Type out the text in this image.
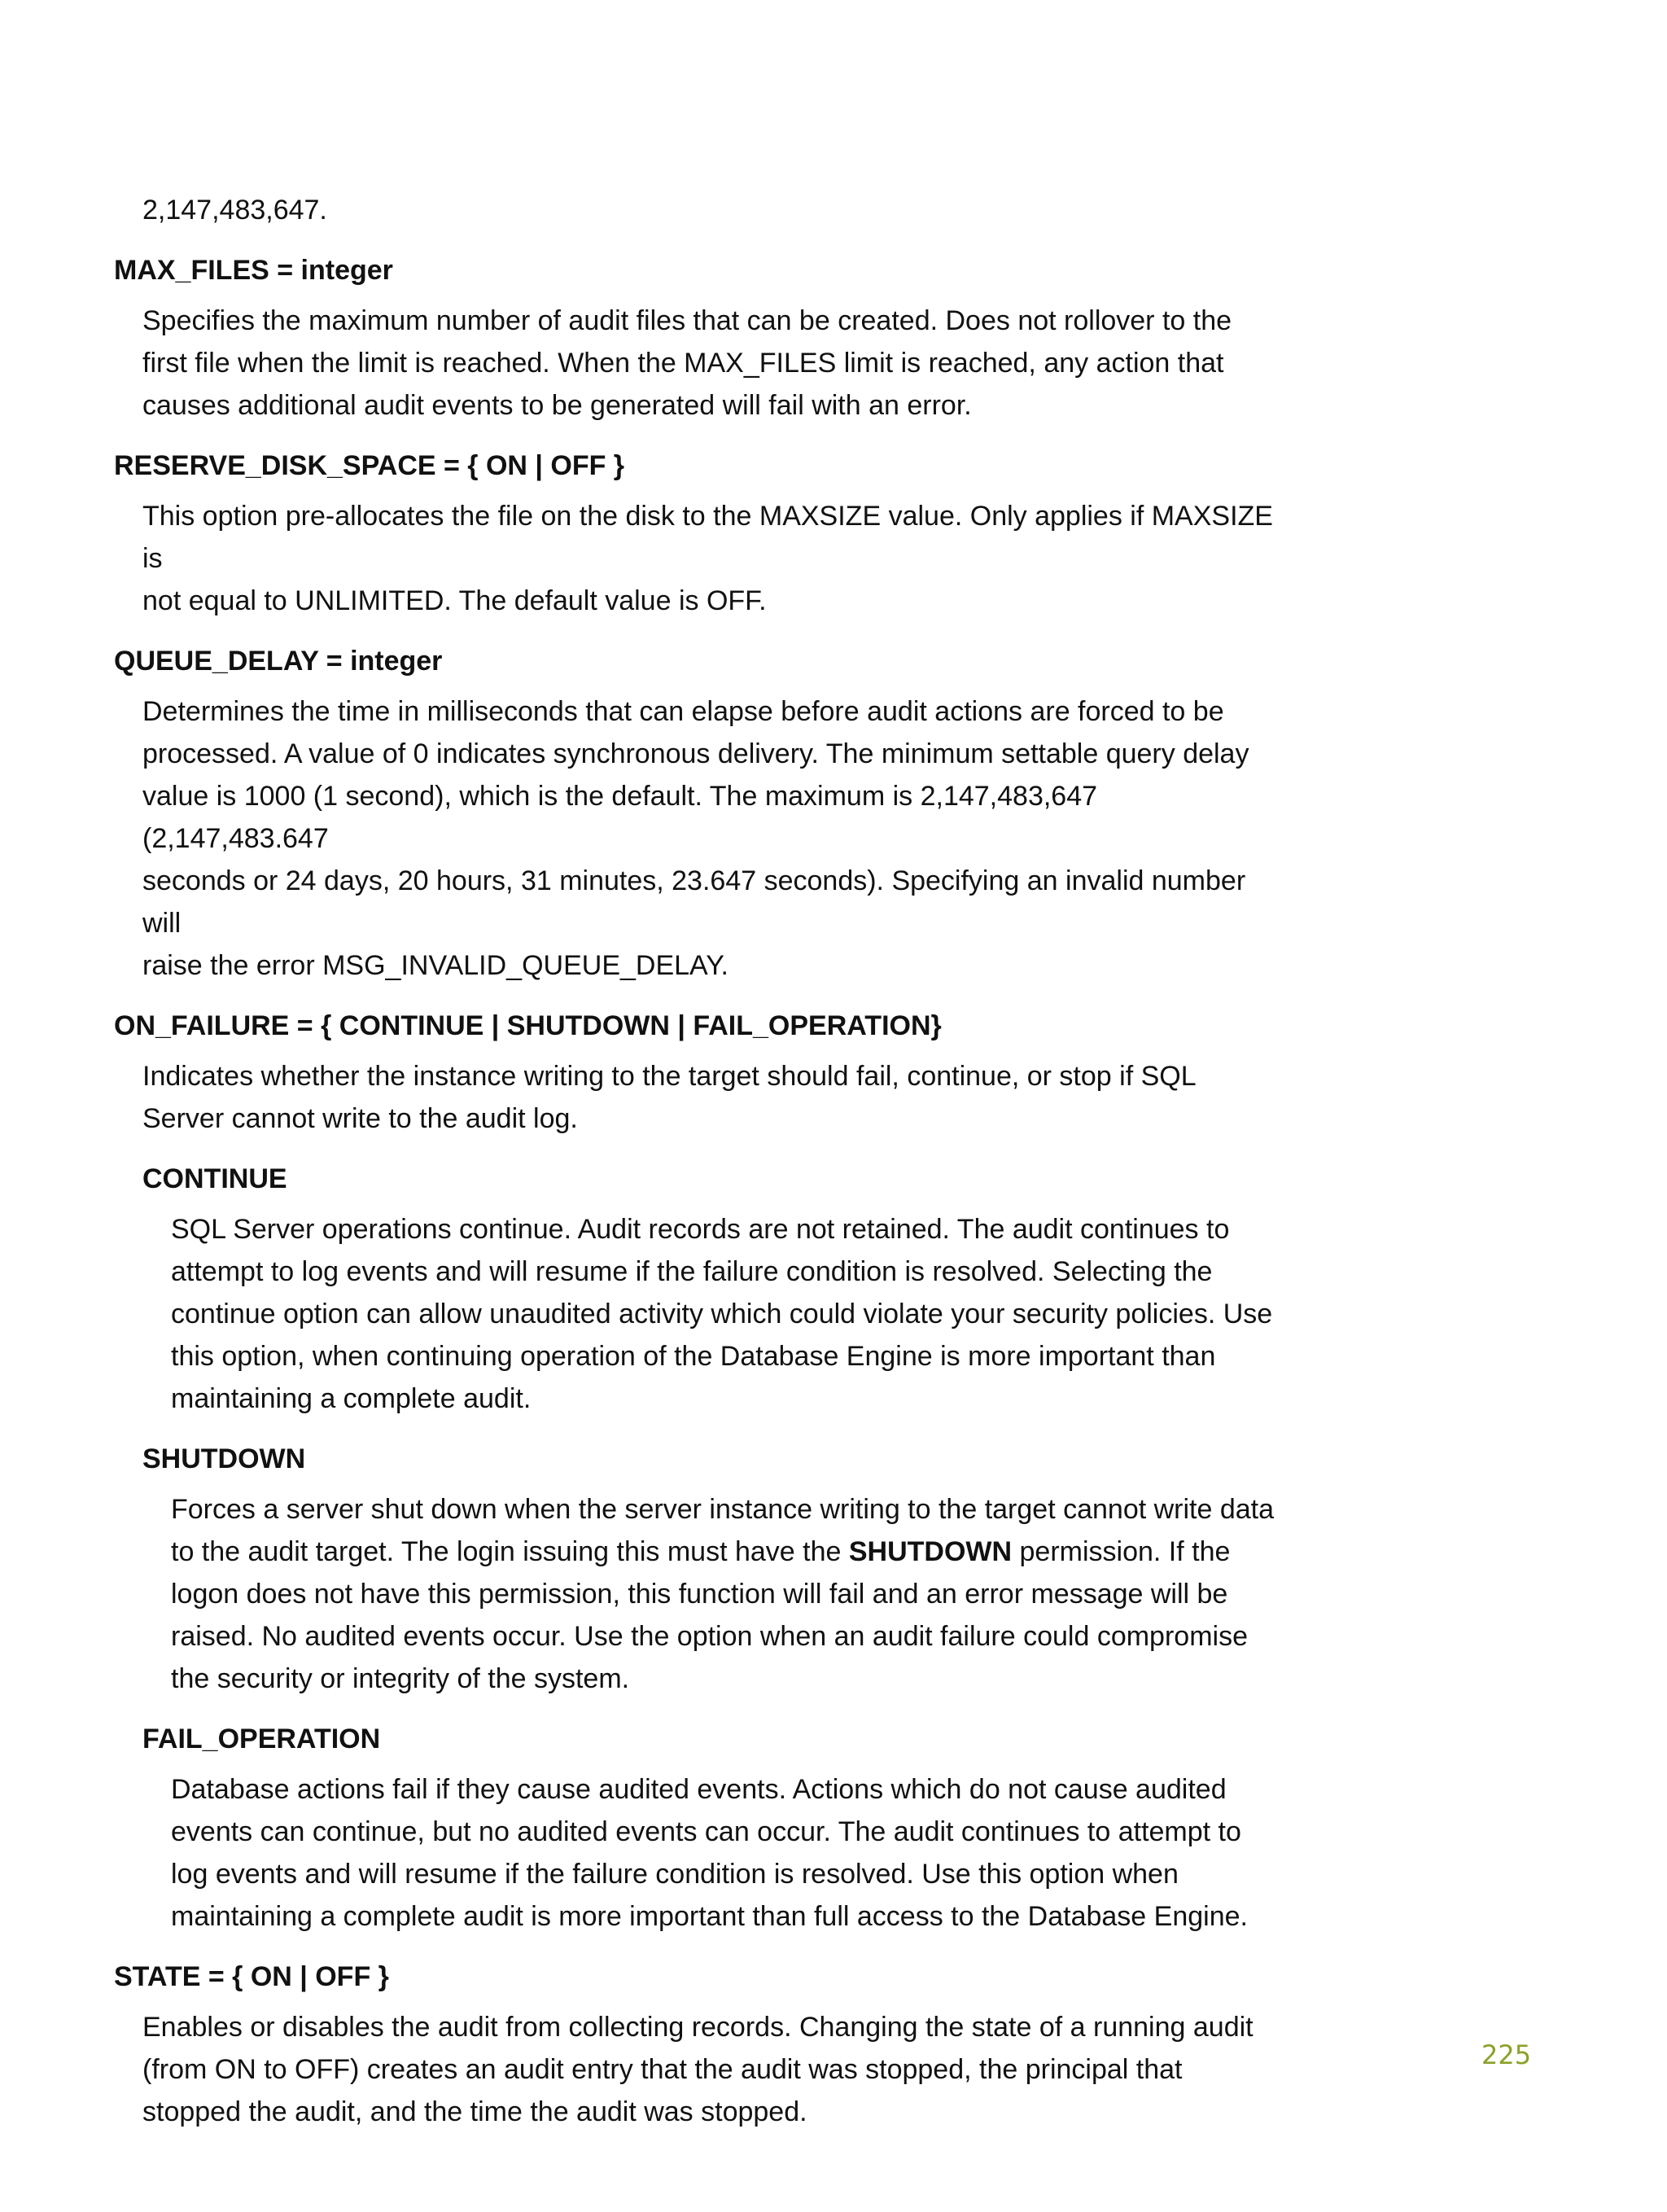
2,147,483,647.

MAX_FILES = integer

Specifies the maximum number of audit files that can be created. Does not rollover to the
first file when the limit is reached. When the MAX_FILES limit is reached, any action that
causes additional audit events to be generated will fail with an error.

RESERVE_DISK_SPACE = { ON | OFF }

This option pre-allocates the file on the disk to the MAXSIZE value. Only applies if MAXSIZE is
not equal to UNLIMITED. The default value is OFF.

QUEUE_DELAY = integer

Determines the time in milliseconds that can elapse before audit actions are forced to be
processed. A value of 0 indicates synchronous delivery. The minimum settable query delay
value is 1000 (1 second), which is the default. The maximum is 2,147,483,647 (2,147,483.647
seconds or 24 days, 20 hours, 31 minutes, 23.647 seconds). Specifying an invalid number will
raise the error MSG_INVALID_QUEUE_DELAY.

ON_FAILURE = { CONTINUE | SHUTDOWN | FAIL_OPERATION}

Indicates whether the instance writing to the target should fail, continue, or stop if SQL
Server cannot write to the audit log.

CONTINUE

SQL Server operations continue. Audit records are not retained. The audit continues to
attempt to log events and will resume if the failure condition is resolved. Selecting the
continue option can allow unaudited activity which could violate your security policies. Use
this option, when continuing operation of the Database Engine is more important than
maintaining a complete audit.

SHUTDOWN

Forces a server shut down when the server instance writing to the target cannot write data
to the audit target. The login issuing this must have the SHUTDOWN permission. If the
logon does not have this permission, this function will fail and an error message will be
raised. No audited events occur. Use the option when an audit failure could compromise
the security or integrity of the system.

FAIL_OPERATION

Database actions fail if they cause audited events. Actions which do not cause audited
events can continue, but no audited events can occur. The audit continues to attempt to
log events and will resume if the failure condition is resolved. Use this option when
maintaining a complete audit is more important than full access to the Database Engine.

STATE = { ON | OFF }

Enables or disables the audit from collecting records. Changing the state of a running audit
(from ON to OFF) creates an audit entry that the audit was stopped, the principal that
stopped the audit, and the time the audit was stopped.
225
